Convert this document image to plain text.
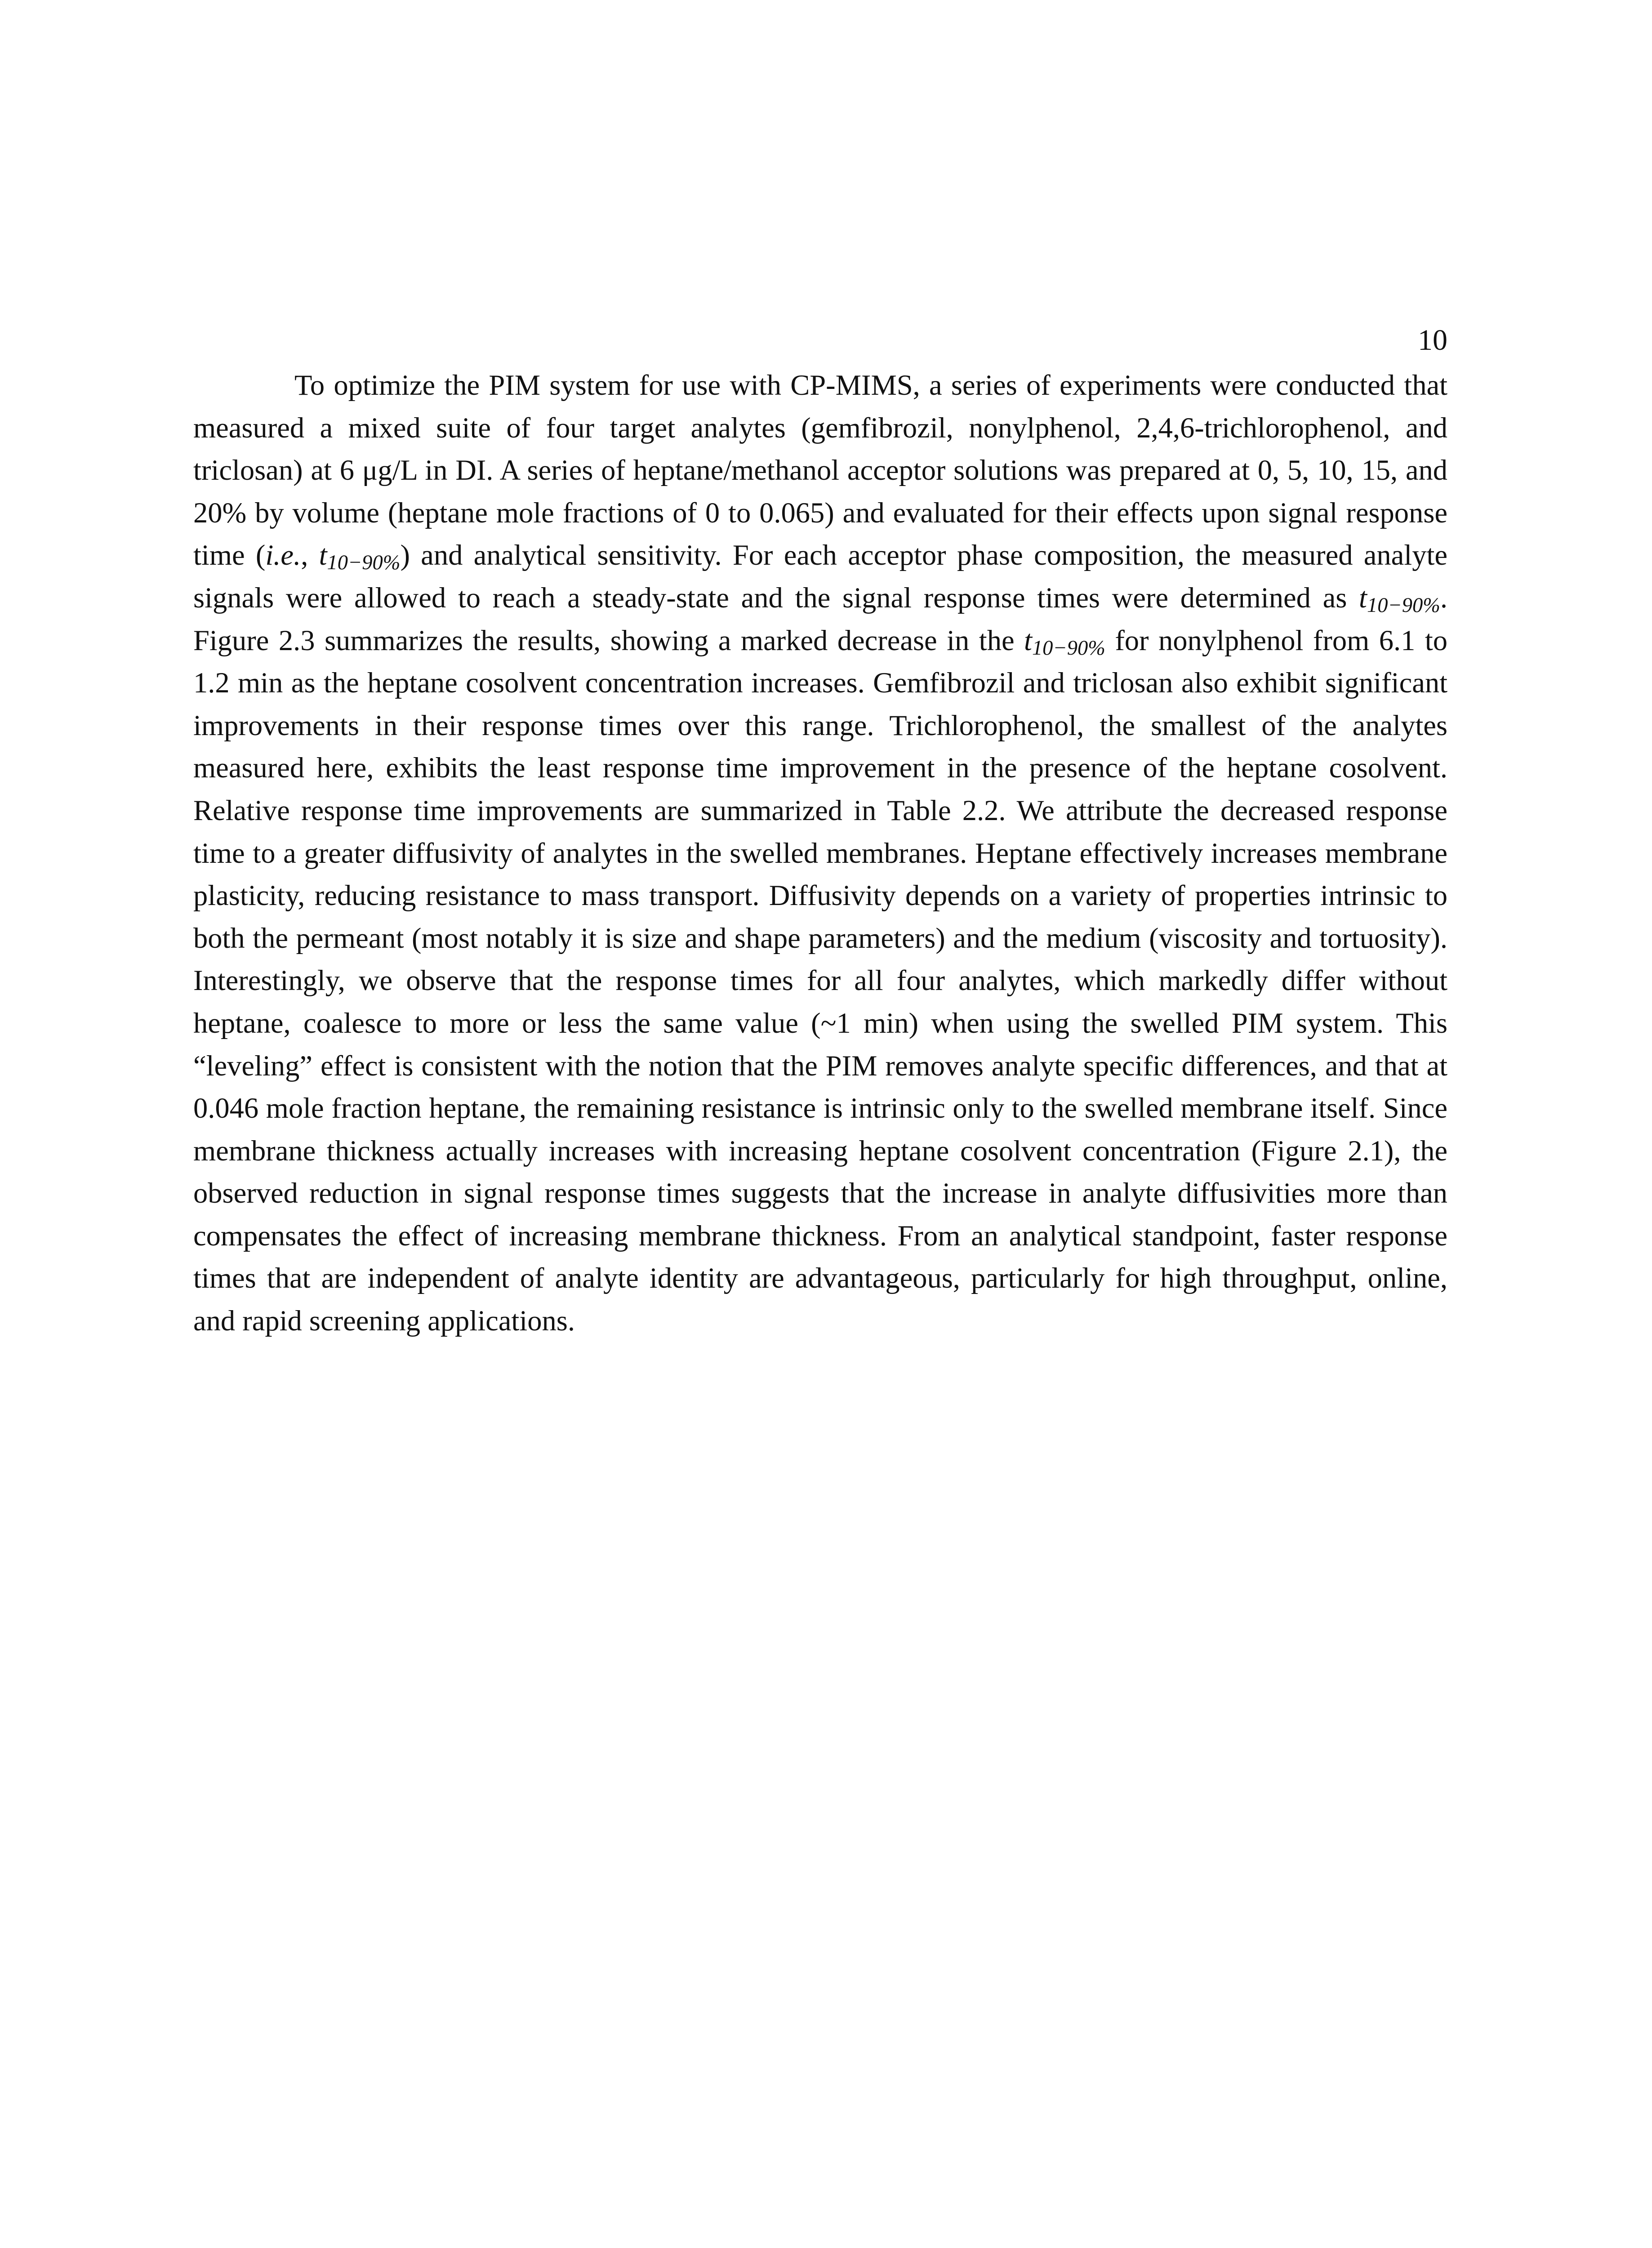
10

To optimize the PIM system for use with CP-MIMS, a series of experiments were conducted that measured a mixed suite of four target analytes (gemfibrozil, nonylphenol, 2,4,6-trichlorophenol, and triclosan) at 6 μg/L in DI. A series of heptane/methanol acceptor solutions was prepared at 0, 5, 10, 15, and 20% by volume (heptane mole fractions of 0 to 0.065) and evaluated for their effects upon signal response time (i.e., $t_{10-90\%}$) and analytical sensitivity. For each acceptor phase composition, the measured analyte signals were allowed to reach a steady-state and the signal response times were determined as $t_{10-90\%}$. Figure 2.3 summarizes the results, showing a marked decrease in the $t_{10-90\%}$ for nonylphenol from 6.1 to 1.2 min as the heptane cosolvent concentration increases. Gemfibrozil and triclosan also exhibit significant improvements in their response times over this range. Trichlorophenol, the smallest of the analytes measured here, exhibits the least response time improvement in the presence of the heptane cosolvent. Relative response time improvements are summarized in Table 2.2. We attribute the decreased response time to a greater diffusivity of analytes in the swelled membranes. Heptane effectively increases membrane plasticity, reducing resistance to mass transport. Diffusivity depends on a variety of properties intrinsic to both the permeant (most notably it is size and shape parameters) and the medium (viscosity and tortuosity). Interestingly, we observe that the response times for all four analytes, which markedly differ without heptane, coalesce to more or less the same value (~1 min) when using the swelled PIM system. This “leveling” effect is consistent with the notion that the PIM removes analyte specific differences, and that at 0.046 mole fraction heptane, the remaining resistance is intrinsic only to the swelled membrane itself. Since membrane thickness actually increases with increasing heptane cosolvent concentration (Figure 2.1), the observed reduction in signal response times suggests that the increase in analyte diffusivities more than compensates the effect of increasing membrane thickness. From an analytical standpoint, faster response times that are independent of analyte identity are advantageous, particularly for high throughput, online, and rapid screening applications.
